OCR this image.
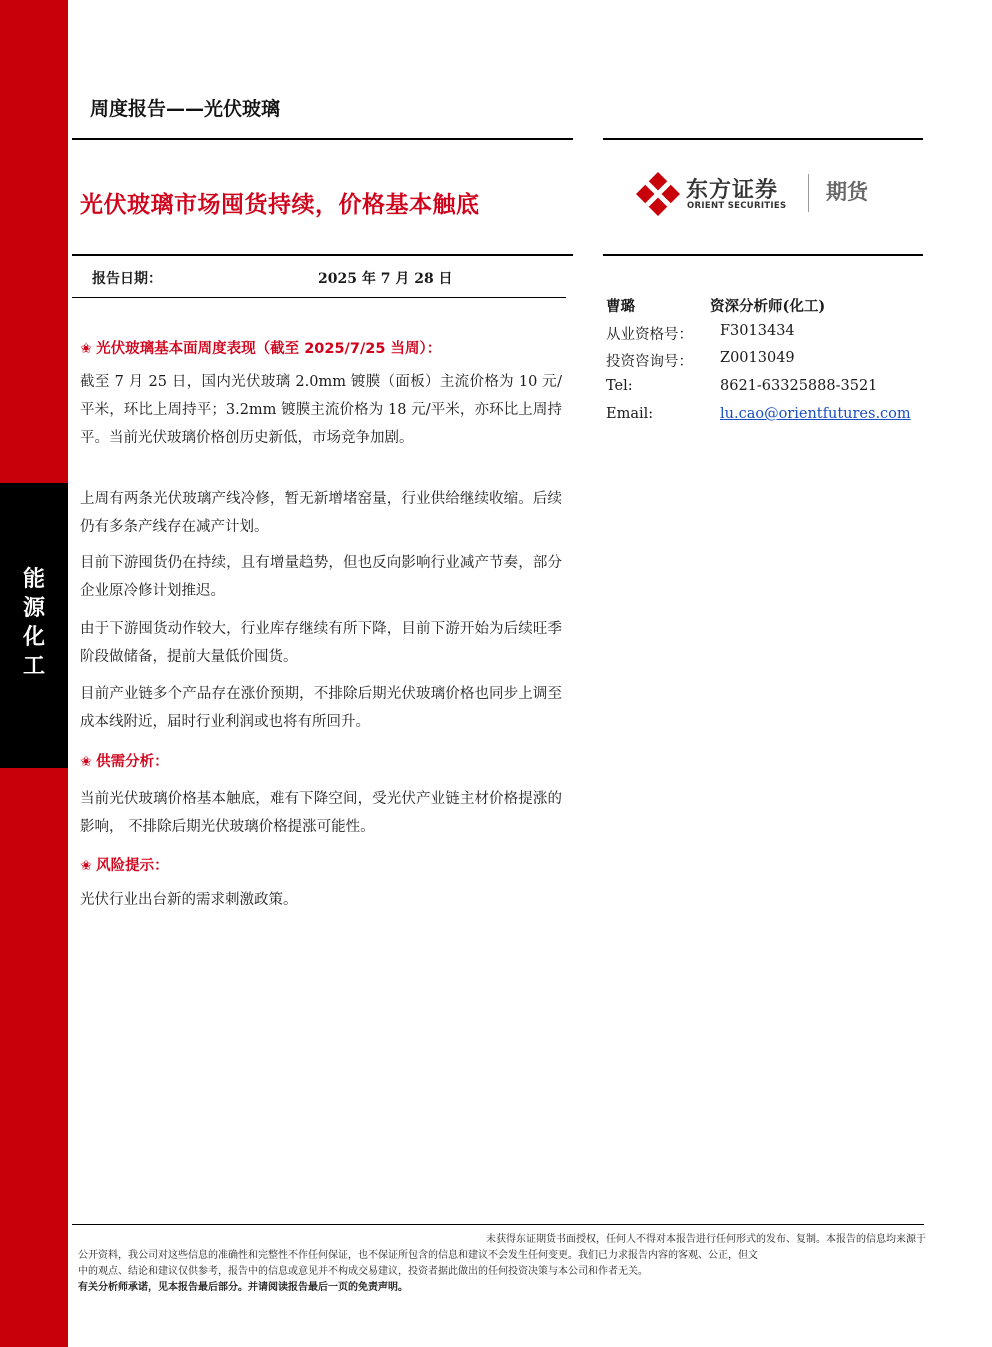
能
源
化
工
周度报告——光伏玻璃
光伏玻璃市场囤货持续，价格基本触底
报告日期：	2025 年 7 月 28 日
东方证券
ORIENT SECURITIES
期货
曹璐	资深分析师(化工)
从业资格号： F3013434
投资咨询号： Z0013049
Tel:	8621-63325888-3521
Email:	lu.cao@orientfutures.com
✬ 光伏玻璃基本面周度表现（截至 2025/7/25 当周）：
截至 7 月 25 日，国内光伏玻璃 2.0mm 镀膜（面板）主流价格为 10 元/平米，环比上周持平；3.2mm 镀膜主流价格为 18 元/平米，亦环比上周持平。当前光伏玻璃价格创历史新低，市场竞争加剧。
上周有两条光伏玻璃产线冷修，暂无新增堵窑量，行业供给继续收缩。后续仍有多条产线存在减产计划。
目前下游囤货仍在持续，且有增量趋势，但也反向影响行业减产节奏，部分企业原冷修计划推迟。
由于下游囤货动作较大，行业库存继续有所下降，目前下游开始为后续旺季阶段做储备，提前大量低价囤货。
目前产业链多个产品存在涨价预期，不排除后期光伏玻璃价格也同步上调至成本线附近，届时行业利润或也将有所回升。
✬ 供需分析：
当前光伏玻璃价格基本触底，难有下降空间，受光伏产业链主材价格提涨的影响， 不排除后期光伏玻璃价格提涨可能性。
✬ 风险提示：
光伏行业出台新的需求刺激政策。
未获得东证期货书面授权，任何人不得对本报告进行任何形式的发布、复制。本报告的信息均来源于
公开资料，我公司对这些信息的准确性和完整性不作任何保证，也不保证所包含的信息和建议不会发生任何变更。我们已力求报告内容的客观、公正，但文
中的观点、结论和建议仅供参考，报告中的信息或意见并不构成交易建议，投资者据此做出的任何投资决策与本公司和作者无关。
有关分析师承诺，见本报告最后部分。并请阅读报告最后一页的免责声明。
